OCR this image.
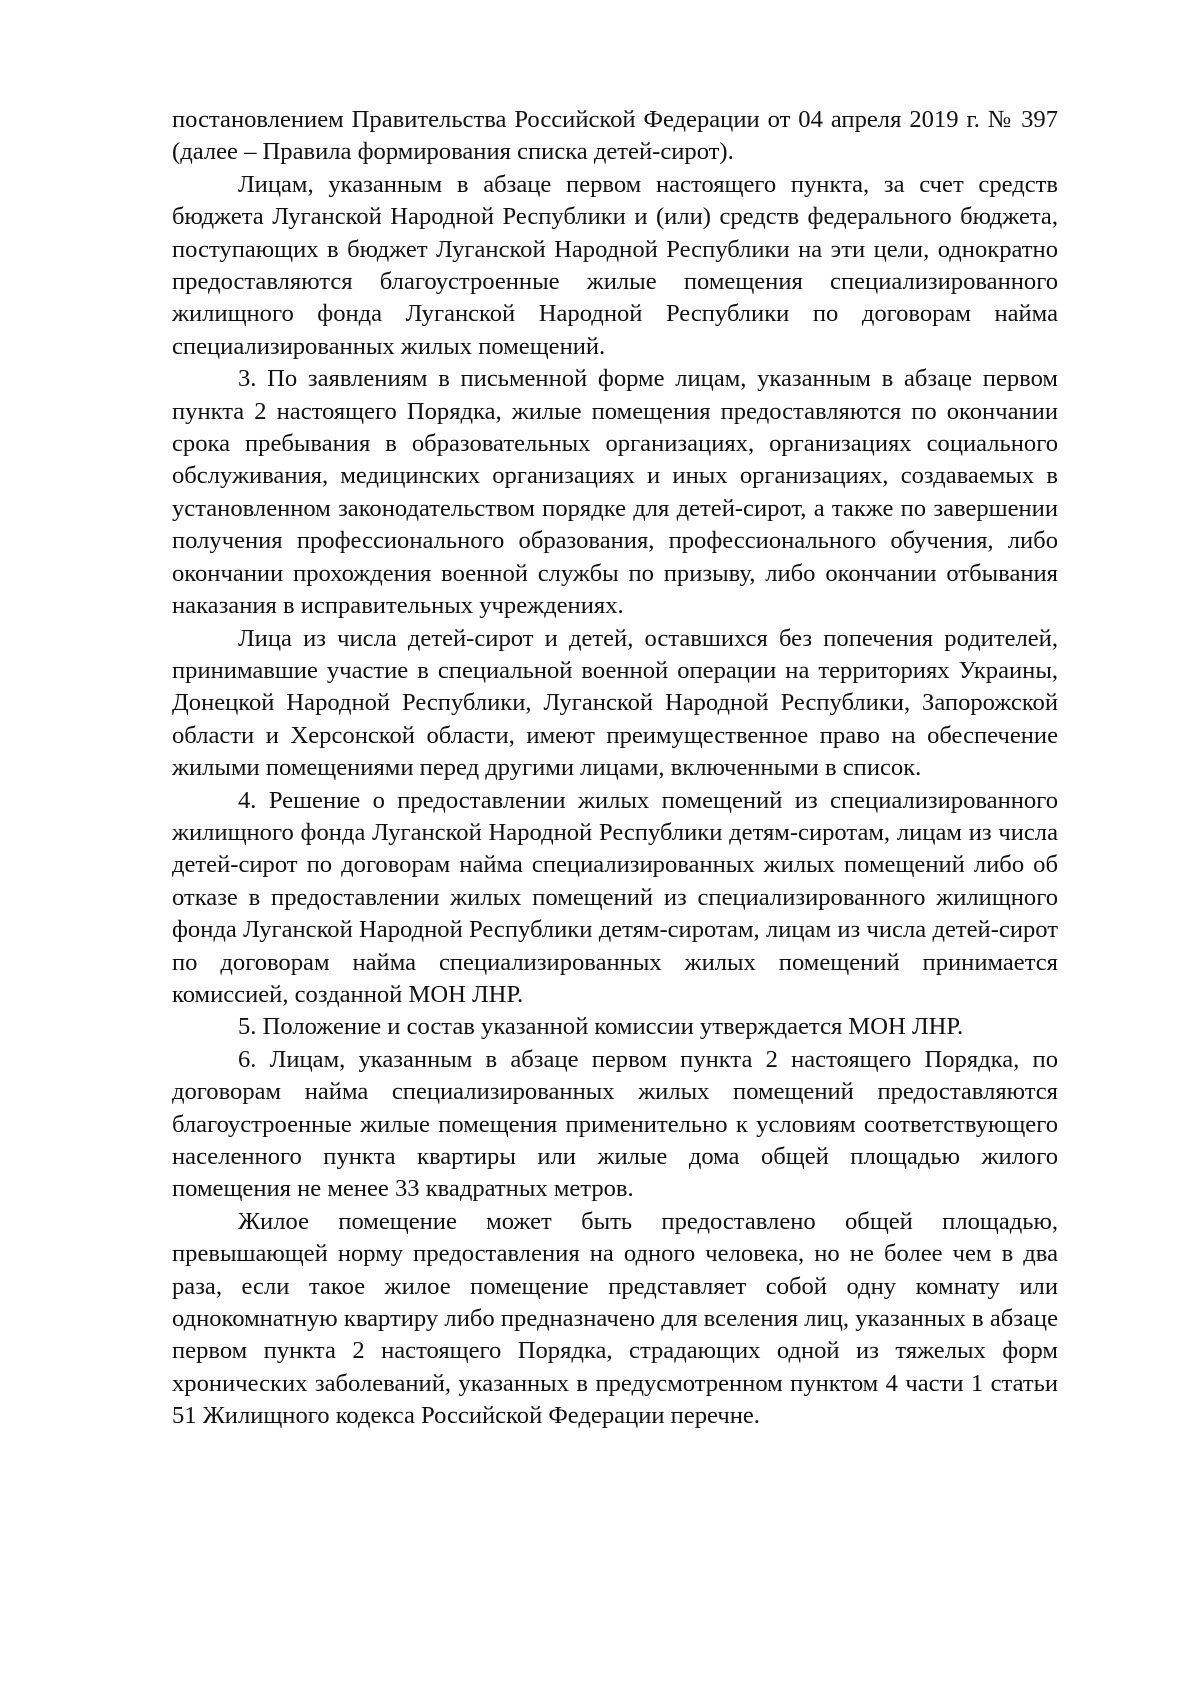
постановлением Правительства Российской Федерации от 04 апреля 2019 г. № 397 (далее – Правила формирования списка детей-сирот).

Лицам, указанным в абзаце первом настоящего пункта, за счет средств бюджета Луганской Народной Республики и (или) средств федерального бюджета, поступающих в бюджет Луганской Народной Республики на эти цели, однократно предоставляются благоустроенные жилые помещения специализированного жилищного фонда Луганской Народной Республики по договорам найма специализированных жилых помещений.

3. По заявлениям в письменной форме лицам, указанным в абзаце первом пункта 2 настоящего Порядка, жилые помещения предоставляются по окончании срока пребывания в образовательных организациях, организациях социального обслуживания, медицинских организациях и иных организациях, создаваемых в установленном законодательством порядке для детей-сирот, а также по завершении получения профессионального образования, профессионального обучения, либо окончании прохождения военной службы по призыву, либо окончании отбывания наказания в исправительных учреждениях.

Лица из числа детей-сирот и детей, оставшихся без попечения родителей, принимавшие участие в специальной военной операции на территориях Украины, Донецкой Народной Республики, Луганской Народной Республики, Запорожской области и Херсонской области, имеют преимущественное право на обеспечение жилыми помещениями перед другими лицами, включенными в список.

4. Решение о предоставлении жилых помещений из специализированного жилищного фонда Луганской Народной Республики детям-сиротам, лицам из числа детей-сирот по договорам найма специализированных жилых помещений либо об отказе в предоставлении жилых помещений из специализированного жилищного фонда Луганской Народной Республики детям-сиротам, лицам из числа детей-сирот по договорам найма специализированных жилых помещений принимается комиссией, созданной МОН ЛНР.

5. Положение и состав указанной комиссии утверждается МОН ЛНР.

6. Лицам, указанным в абзаце первом пункта 2 настоящего Порядка, по договорам найма специализированных жилых помещений предоставляются благоустроенные жилые помещения применительно к условиям соответствующего населенного пункта квартиры или жилые дома общей площадью жилого помещения не менее 33 квадратных метров.

Жилое помещение может быть предоставлено общей площадью, превышающей норму предоставления на одного человека, но не более чем в два раза, если такое жилое помещение представляет собой одну комнату или однокомнатную квартиру либо предназначено для вселения лиц, указанных в абзаце первом пункта 2 настоящего Порядка, страдающих одной из тяжелых форм хронических заболеваний, указанных в предусмотренном пунктом 4 части 1 статьи 51 Жилищного кодекса Российской Федерации перечне.
